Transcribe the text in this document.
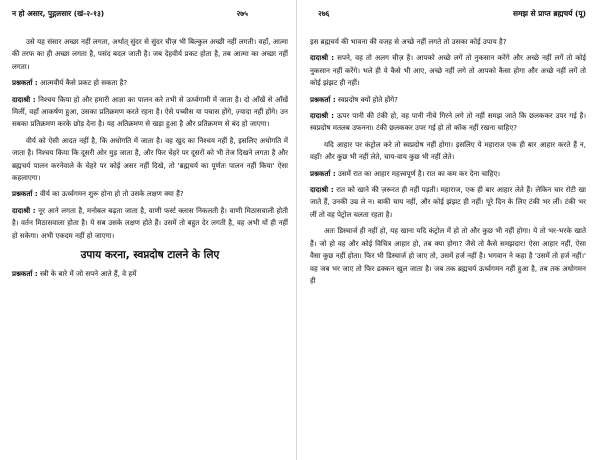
न हो असार, पुद्गलसार (खं-२-१३)	२७५

उसे यह संसार अच्छा नहीं लगता, अर्थात् सुंदर से सुंदर चीज़ भी बिल्कुल अच्छी नहीं लगती। वहाँ, आत्मा की तरफ का ही अच्छा लगता है, पसंद बदल जाती है। जब देहवीर्य प्रकट होता है, तब आत्मा का अच्छा नहीं लगता।

प्रश्नकर्ता : आत्मवीर्य कैसे प्रकट हो सकता है?

दादाश्री : निश्चय किया हो और हमारी आज्ञा का पालन करे तभी से ऊर्ध्वगामी में जाता है। दो आँखें से आँखें मिलीं, वहाँ आकर्षण हुआ, उसका प्रतिक्रमण करते रहना है। ऐसे पच्चीस या पचास होंगे, ज़्यादा नहीं होंगे। उन सबका प्रतिक्रमण करके छोड़ देना है। यह अतिक्रमण से खड़ा हुआ है और प्रतिक्रमण से बंद हो जाएगा।

वीर्य को ऐसी आदत नहीं है, कि अधोगति में जाता है। वह खुद का निश्चय नहीं है, इसलिए अधोगति में जाता है। निश्चय किया कि दूसरी ओर मुड़ जाता है, और फिर चेहरे पर दूसरों को भी तेज दिखने लगता है और ब्रह्मचर्य पालन करनेवाले के चेहरे पर कोई असर नहीं दिखे, तो 'ब्रह्मचर्य का पूर्णतः पालन नहीं किया' ऐसा कहलाएगा।

प्रश्नकर्ता : वीर्य का ऊर्ध्वगमन शुरू होना हो तो उसके लक्षण क्या हैं?

दादाश्री : नूर आने लगता है, मनोबल बढ़ता जाता है, वाणी फर्स्ट क्लास निकलती है। वाणी मिठासवाली होती है। वर्तन मिठासवाला होता है। ये सब उसके लक्षण होते हैं। उसमें तो बहुत देर लगती है, वह अभी यों ही नहीं हो सकेगा। अभी एकदम नहीं हो जाएगा।

उपाय करना, स्वप्नदोष टालने के लिए

प्रश्नकर्ता : स्त्री के बारे में जो सपने आते हैं, वे हमें

२७६	समझ से प्राप्त ब्रह्मचर्य (पू)

इस ब्रह्मचर्य की भावना की वजह से अच्छे नहीं लगते तो उसका कोई उपाय है?

दादाश्री : सपने, वह तो अलग चीज़ है। आपको अच्छे लगें तो नुकसान करेंगे और अच्छे नहीं लगें तो कोई नुकसान नहीं करेंगे। भले ही ये कैसे भी आए, अच्छे नहीं लगे तो आपको कैसा होगा और अच्छे नहीं लगें तो कोई झंझट ही नहीं।

प्रश्नकर्ता : स्वप्नदोष क्यों होते होंगे?

दादाश्री : ऊपर पानी की टंकी हो, वह पानी नीचे गिरने लगे तो नहीं समझ जाते कि छलककर उपर गई है। स्वप्नदोष मतलब उफनना। टंकी छलककर उपर गई हो तो कॉक नहीं रखना चाहिए?

यदि आहार पर कंट्रोल करे तो स्वप्नदोष नहीं होगा। इसलिए ये महाराज एक ही बार आहार करते हैं न, वहाँ! और कुछ भी नहीं लेते, चाय-वाय कुछ भी नहीं लेते।

प्रश्नकर्ता : उसमें रात का आहार महत्त्वपूर्ण है। रात का कम कर देना चाहिए।

दादाश्री : रात को खाने की ज़रूरत ही नहीं पड़ती। महाराज, एक ही बार आहार लेते हैं। लेकिन चार रोटी खा जाते हैं, उनकी उम्र ले न। बाकी चाय नहीं, और कोई झंझट ही नहीं। पूरे दिन के लिए टंकी भर लीं। टंकी भर लीं तो वह पेट्रोल चलता रहता है।

अतः डिस्चार्ज ही नहीं हो, यह खाना यदि कंट्रोल में हो तो और कुछ भी नहीं होगा। ये तो भर-भरके खाते हैं। जो हो वह और कोई विचित्र आहार हो, तब क्या होगा? जैसे तो कैसे समझदार! ऐसा आहार नहीं, ऐसा वैसा कुछ नहीं होता। फिर भी डिस्चार्ज हो जाए तो, उसमें हर्ज नहीं है। भगवान ने कहा है 'उसमें तो हर्ज नहीं।' वह जब भर जाए तो फिर ढक्कन खुल जाता है। जब तक ब्रह्मचर्य ऊर्ध्वगमन नहीं हुआ है, तब तक अधोगमन ही
